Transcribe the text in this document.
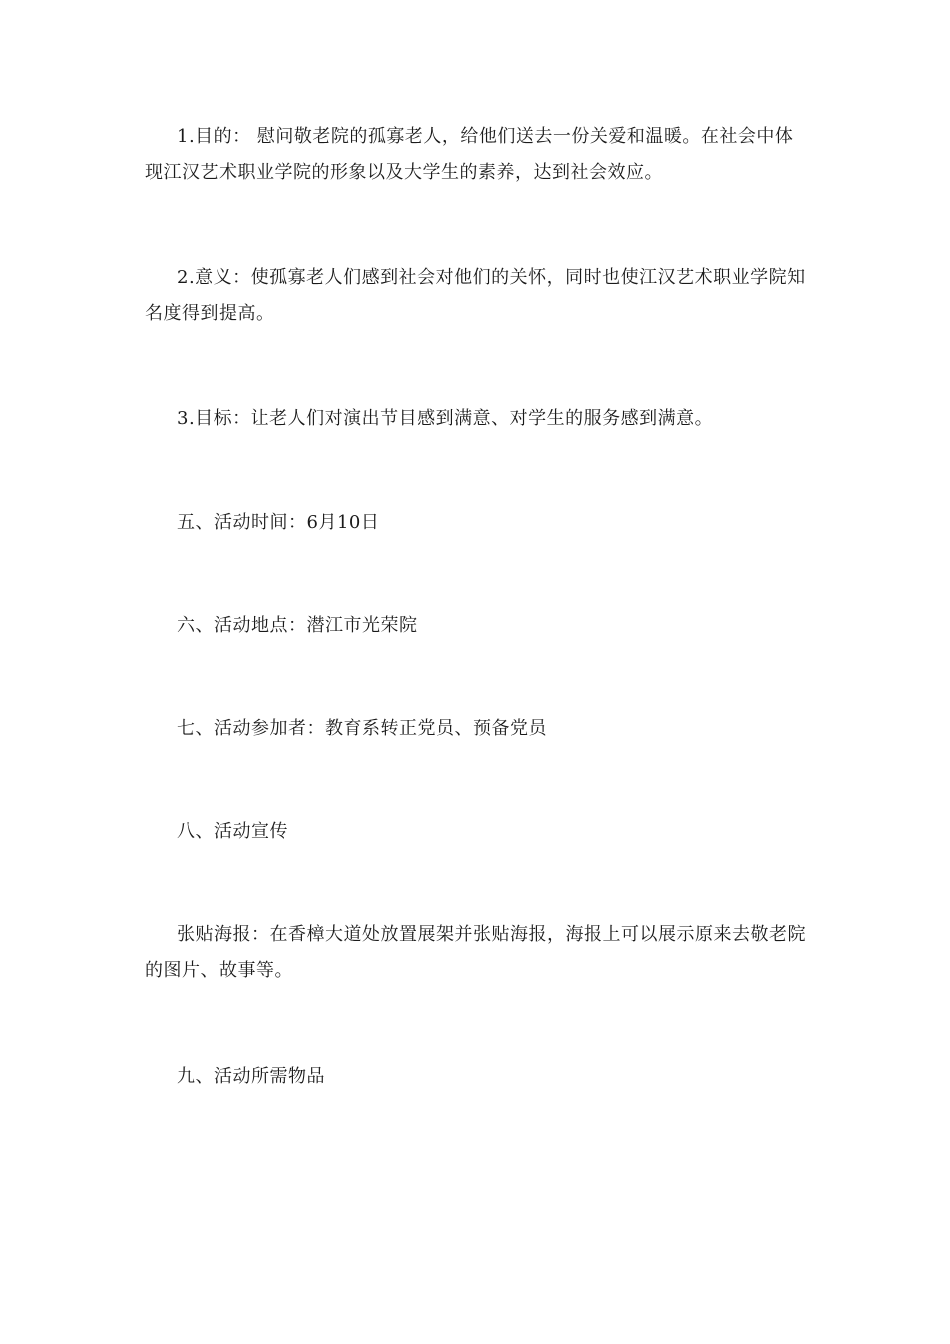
1.目的： 慰问敬老院的孤寡老人，给他们送去一份关爱和温暖。在社会中体现江汉艺术职业学院的形象以及大学生的素养，达到社会效应。

2.意义：使孤寡老人们感到社会对他们的关怀，同时也使江汉艺术职业学院知名度得到提高。

3.目标：让老人们对演出节目感到满意、对学生的服务感到满意。

五、活动时间：6月10日

六、活动地点：潜江市光荣院

七、活动参加者：教育系转正党员、预备党员

八、活动宣传

张贴海报：在香樟大道处放置展架并张贴海报，海报上可以展示原来去敬老院的图片、故事等。

九、活动所需物品
